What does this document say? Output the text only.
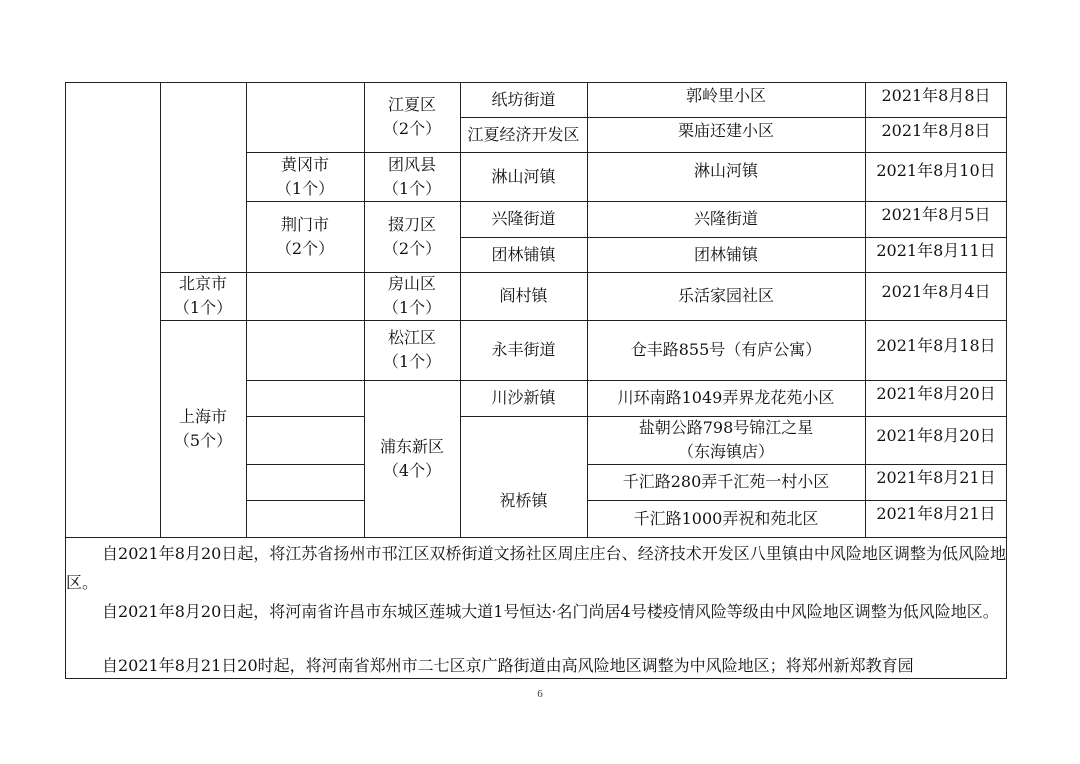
北京市
（1个）
上海市
（5个）
黄冈市
（1个）
荆门市
（2个）
江夏区
（2个）
团风县
（1个）
掇刀区
（2个）
房山区
（1个）
松江区
（1个）
浦东新区
（4个）
纸坊街道
江夏经济开发区
淋山河镇
兴隆街道
团林铺镇
阎村镇
永丰街道
川沙新镇
祝桥镇
郭岭里小区
栗庙还建小区
淋山河镇
兴隆街道
团林铺镇
乐活家园社区
仓丰路855号（有庐公寓）
川环南路1049弄界龙花苑小区
盐朝公路798号锦江之星
（东海镇店）
千汇路280弄千汇苑一村小区
千汇路1000弄祝和苑北区
2021年8月8日
2021年8月8日
2021年8月10日
2021年8月5日
2021年8月11日
2021年8月4日
2021年8月18日
2021年8月20日
2021年8月20日
2021年8月21日
2021年8月21日
自2021年8月20日起，将江苏省扬州市邗江区双桥街道文扬社区周庄庄台、经济技术开发区八里镇由中风险地区调整为低风险地区。
自2021年8月20日起，将河南省许昌市东城区莲城大道1号恒达·名门尚居4号楼疫情风险等级由中风险地区调整为低风险地区。
自2021年8月21日20时起，将河南省郑州市二七区京广路街道由高风险地区调整为中风险地区；将郑州新郑教育园
6
